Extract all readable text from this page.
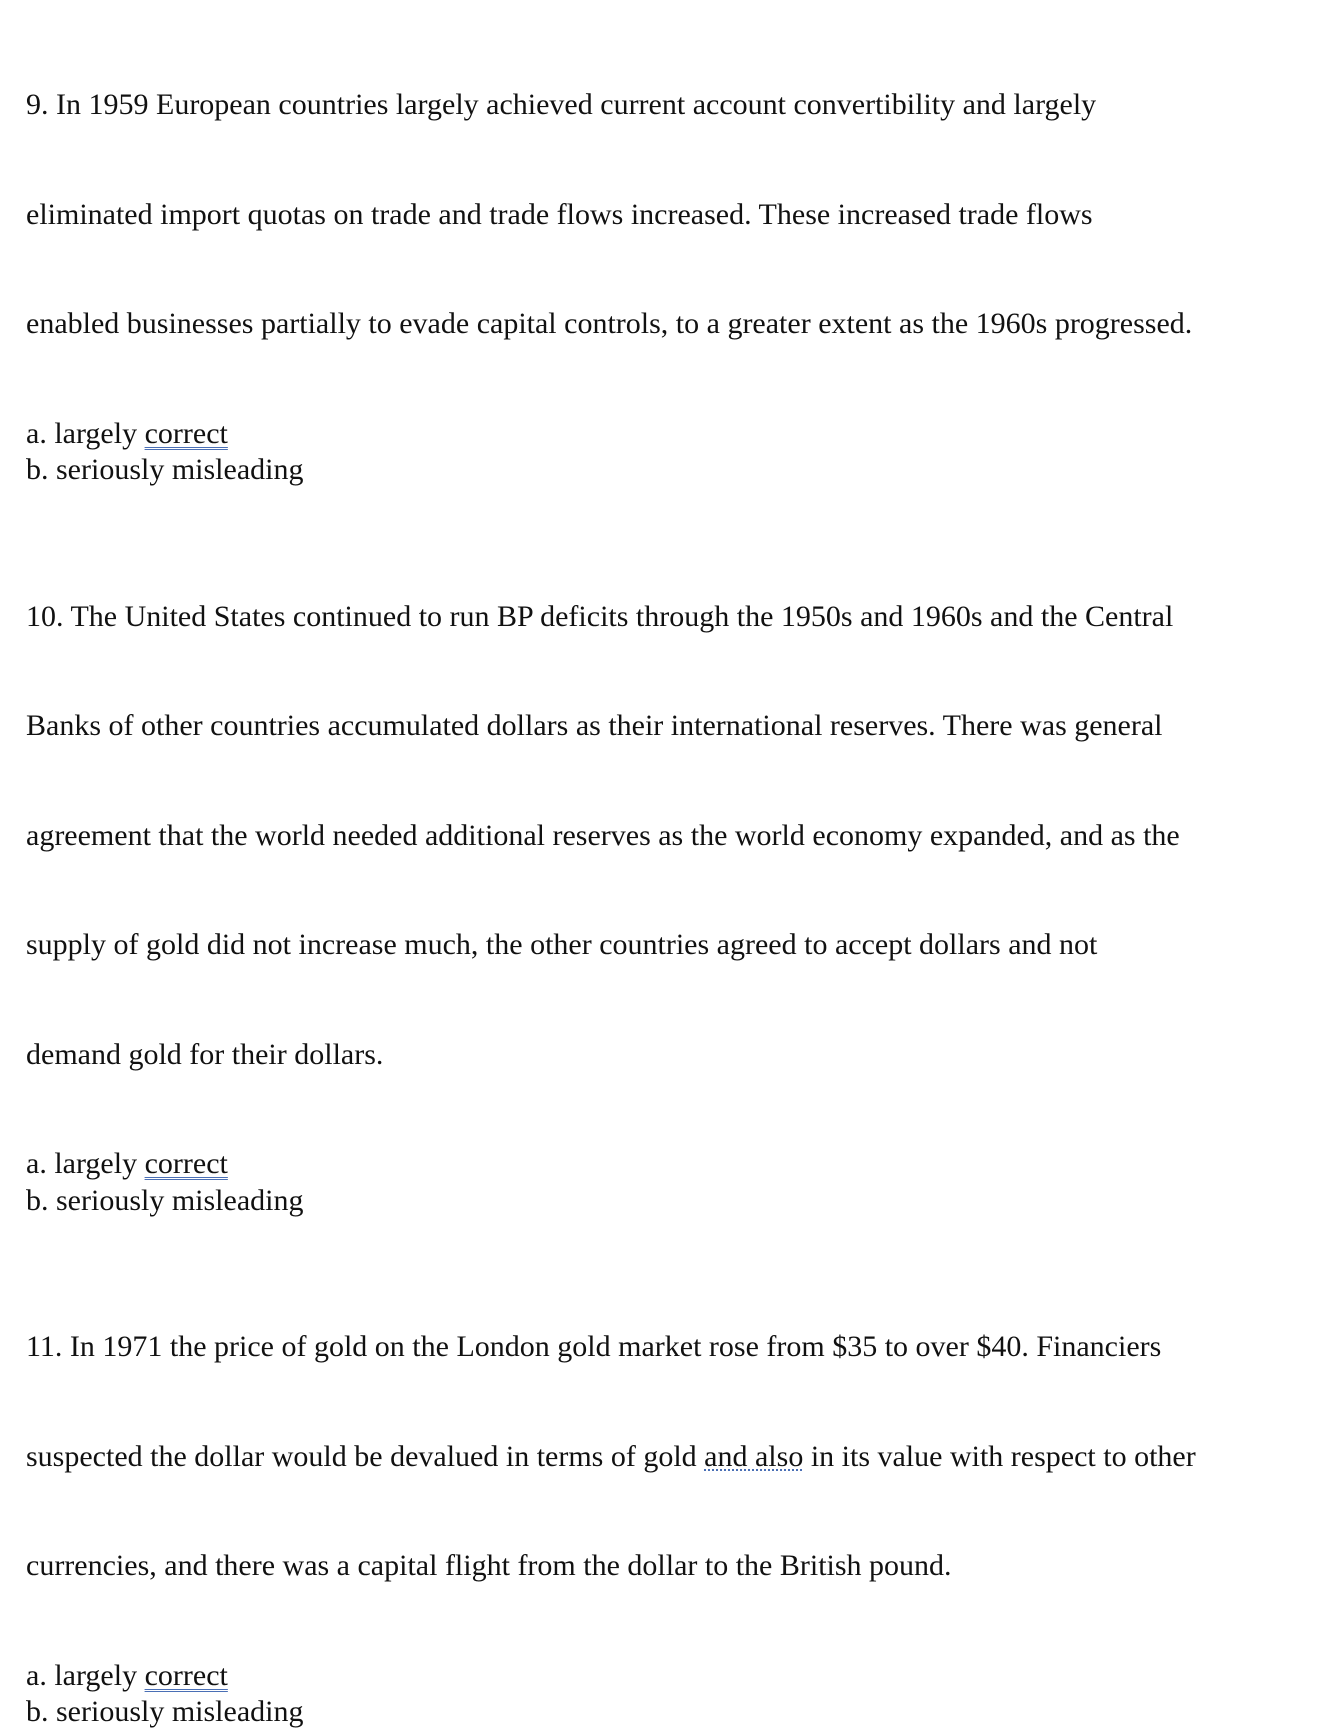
9. In 1959 European countries largely achieved current account convertibility and largely

eliminated import quotas on trade and trade flows increased. These increased trade flows

enabled businesses partially to evade capital controls, to a greater extent as the 1960s progressed.

a. largely correct
b. seriously misleading

10. The United States continued to run BP deficits through the 1950s and 1960s and the Central

Banks of other countries accumulated dollars as their international reserves. There was general

agreement that the world needed additional reserves as the world economy expanded, and as the

supply of gold did not increase much, the other countries agreed to accept dollars and not

demand gold for their dollars.

a. largely correct
b. seriously misleading

11. In 1971 the price of gold on the London gold market rose from $35 to over $40. Financiers

suspected the dollar would be devalued in terms of gold and also in its value with respect to other

currencies, and there was a capital flight from the dollar to the British pound.

a. largely correct
b. seriously misleading
